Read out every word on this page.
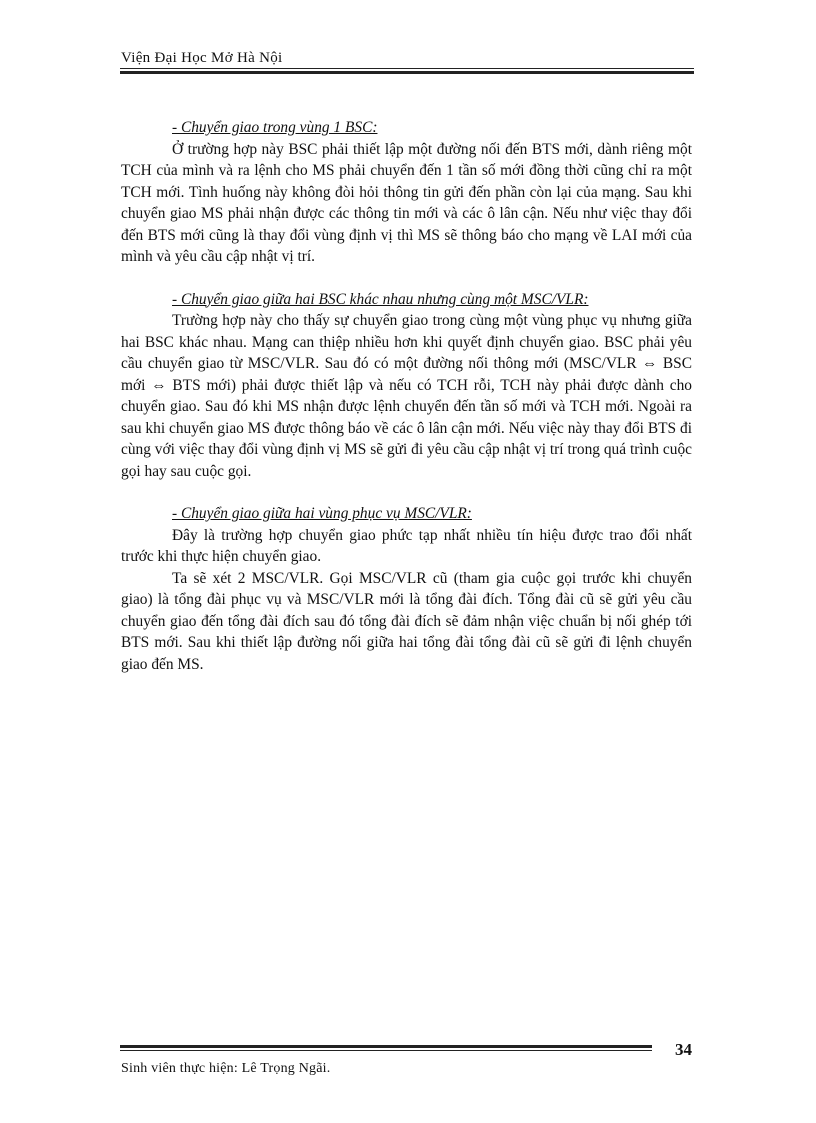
Viện Đại Học Mở Hà Nội
- Chuyển giao trong vùng 1 BSC:

Ở trường hợp này BSC phải thiết lập một đường nối đến BTS mới, dành riêng một TCH của mình và ra lệnh cho MS phải chuyển đến 1 tần số mới đồng thời cũng chỉ ra một TCH mới. Tình huống này không đòi hỏi thông tin gửi đến phần còn lại của mạng. Sau khi chuyển giao MS phải nhận được các thông tin mới và các ô lân cận. Nếu như việc thay đổi đến BTS mới cũng là thay đổi vùng định vị thì MS sẽ thông báo cho mạng về LAI mới của mình và yêu cầu cập nhật vị trí.

- Chuyển giao giữa hai BSC khác nhau nhưng cùng một MSC/VLR:

Trường hợp này cho thấy sự chuyển giao trong cùng một vùng phục vụ nhưng giữa hai BSC khác nhau. Mạng can thiệp nhiều hơn khi quyết định chuyển giao. BSC phải yêu cầu chuyển giao từ MSC/VLR. Sau đó có một đường nối thông mới (MSC/VLR ⇔ BSC mới ⇔ BTS mới) phải được thiết lập và nếu có TCH rỗi, TCH này phải được dành cho chuyển giao. Sau đó khi MS nhận được lệnh chuyển đến tần số mới và TCH mới. Ngoài ra sau khi chuyển giao MS được thông báo về các ô lân cận mới. Nếu việc này thay đổi BTS đi cùng với việc thay đổi vùng định vị MS sẽ gửi đi yêu cầu cập nhật vị trí trong quá trình cuộc gọi hay sau cuộc gọi.

- Chuyển giao giữa hai vùng phục vụ MSC/VLR:

Đây là trường hợp chuyển giao phức tạp nhất nhiều tín hiệu được trao đổi nhất trước khi thực hiện chuyển giao.

Ta sẽ xét 2 MSC/VLR. Gọi MSC/VLR cũ (tham gia cuộc gọi trước khi chuyển giao) là tổng đài phục vụ và MSC/VLR mới là tổng đài đích. Tổng đài cũ sẽ gửi yêu cầu chuyển giao đến tổng đài đích sau đó tổng đài đích sẽ đảm nhận việc chuẩn bị nối ghép tới BTS mới. Sau khi thiết lập đường nối giữa hai tổng đài tổng đài cũ sẽ gửi đi lệnh chuyển giao đến MS.

34
Sinh viên thực hiện: Lê Trọng Ngãi.
